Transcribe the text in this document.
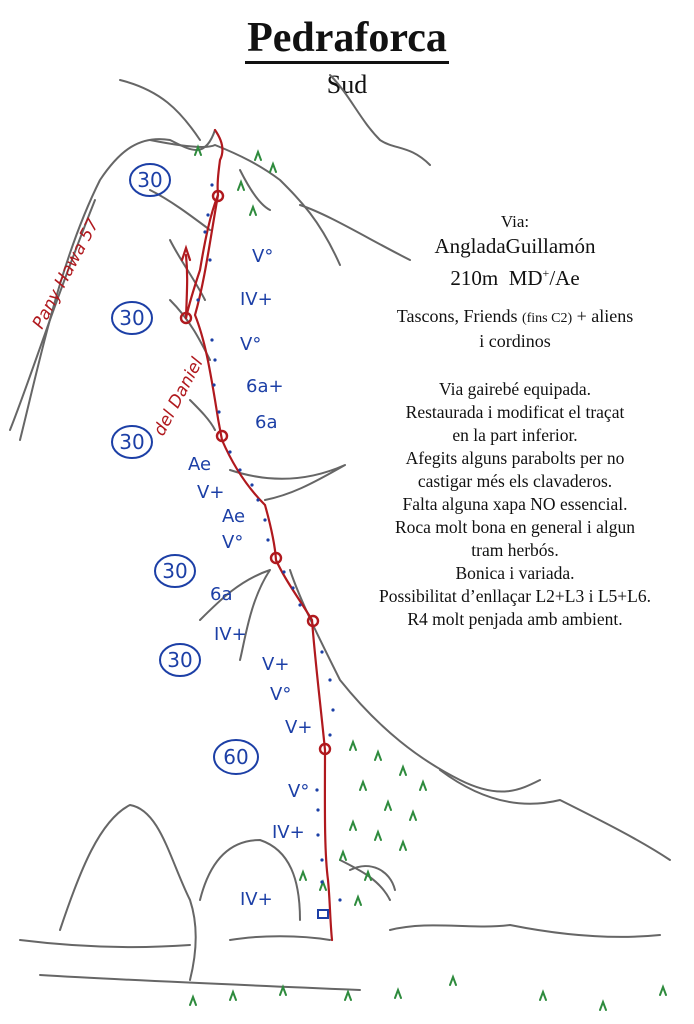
Pedraforca
Sud

Via:

AngladaGuillamón

210m MD+/Ae

Tascons, Friends (fins C2) + aliens

i cordinos

Via gairebé equipada.

Restaurada i modificat el traçat

en la part inferior.

Afegits alguns parabolts per no

castigar més els clavaderos.

Falta alguna xapa NO essencial.

Roca molt bona en general i algun

tram herbós.

Bonica i variada.

Possibilitat d’enllaçar L2+L3 i L5+L6.

R4 molt penjada amb ambient.

30
30
30
30
30
60
V°
IV+
V°
6a+
6a
Ae
V+
Ae
V°
6a
IV+
V+
V°
V+
V°
IV+
IV+
Pany Hawa 57
del Daniel
